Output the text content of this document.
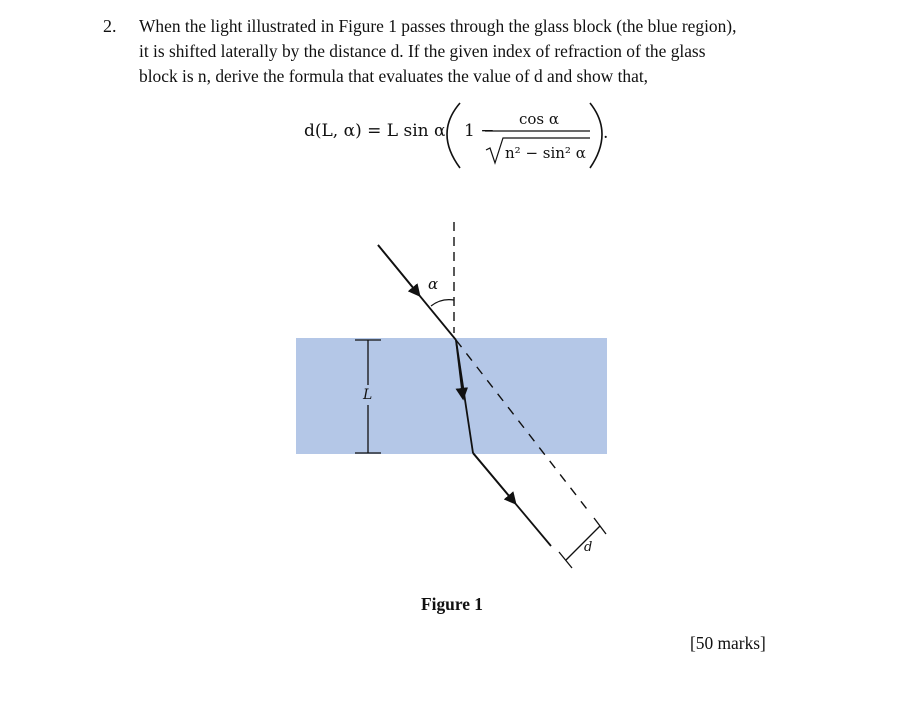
2. When the light illustrated in Figure 1 passes through the glass block (the blue region),
it is shifted laterally by the distance d. If the given index of refraction of the glass
block is n, derive the formula that evaluates the value of d and show that,
d(L, α) = L sin α 1 −
cos α
n² − sin² α
.
α
L
d
Figure 1
[50 marks]
